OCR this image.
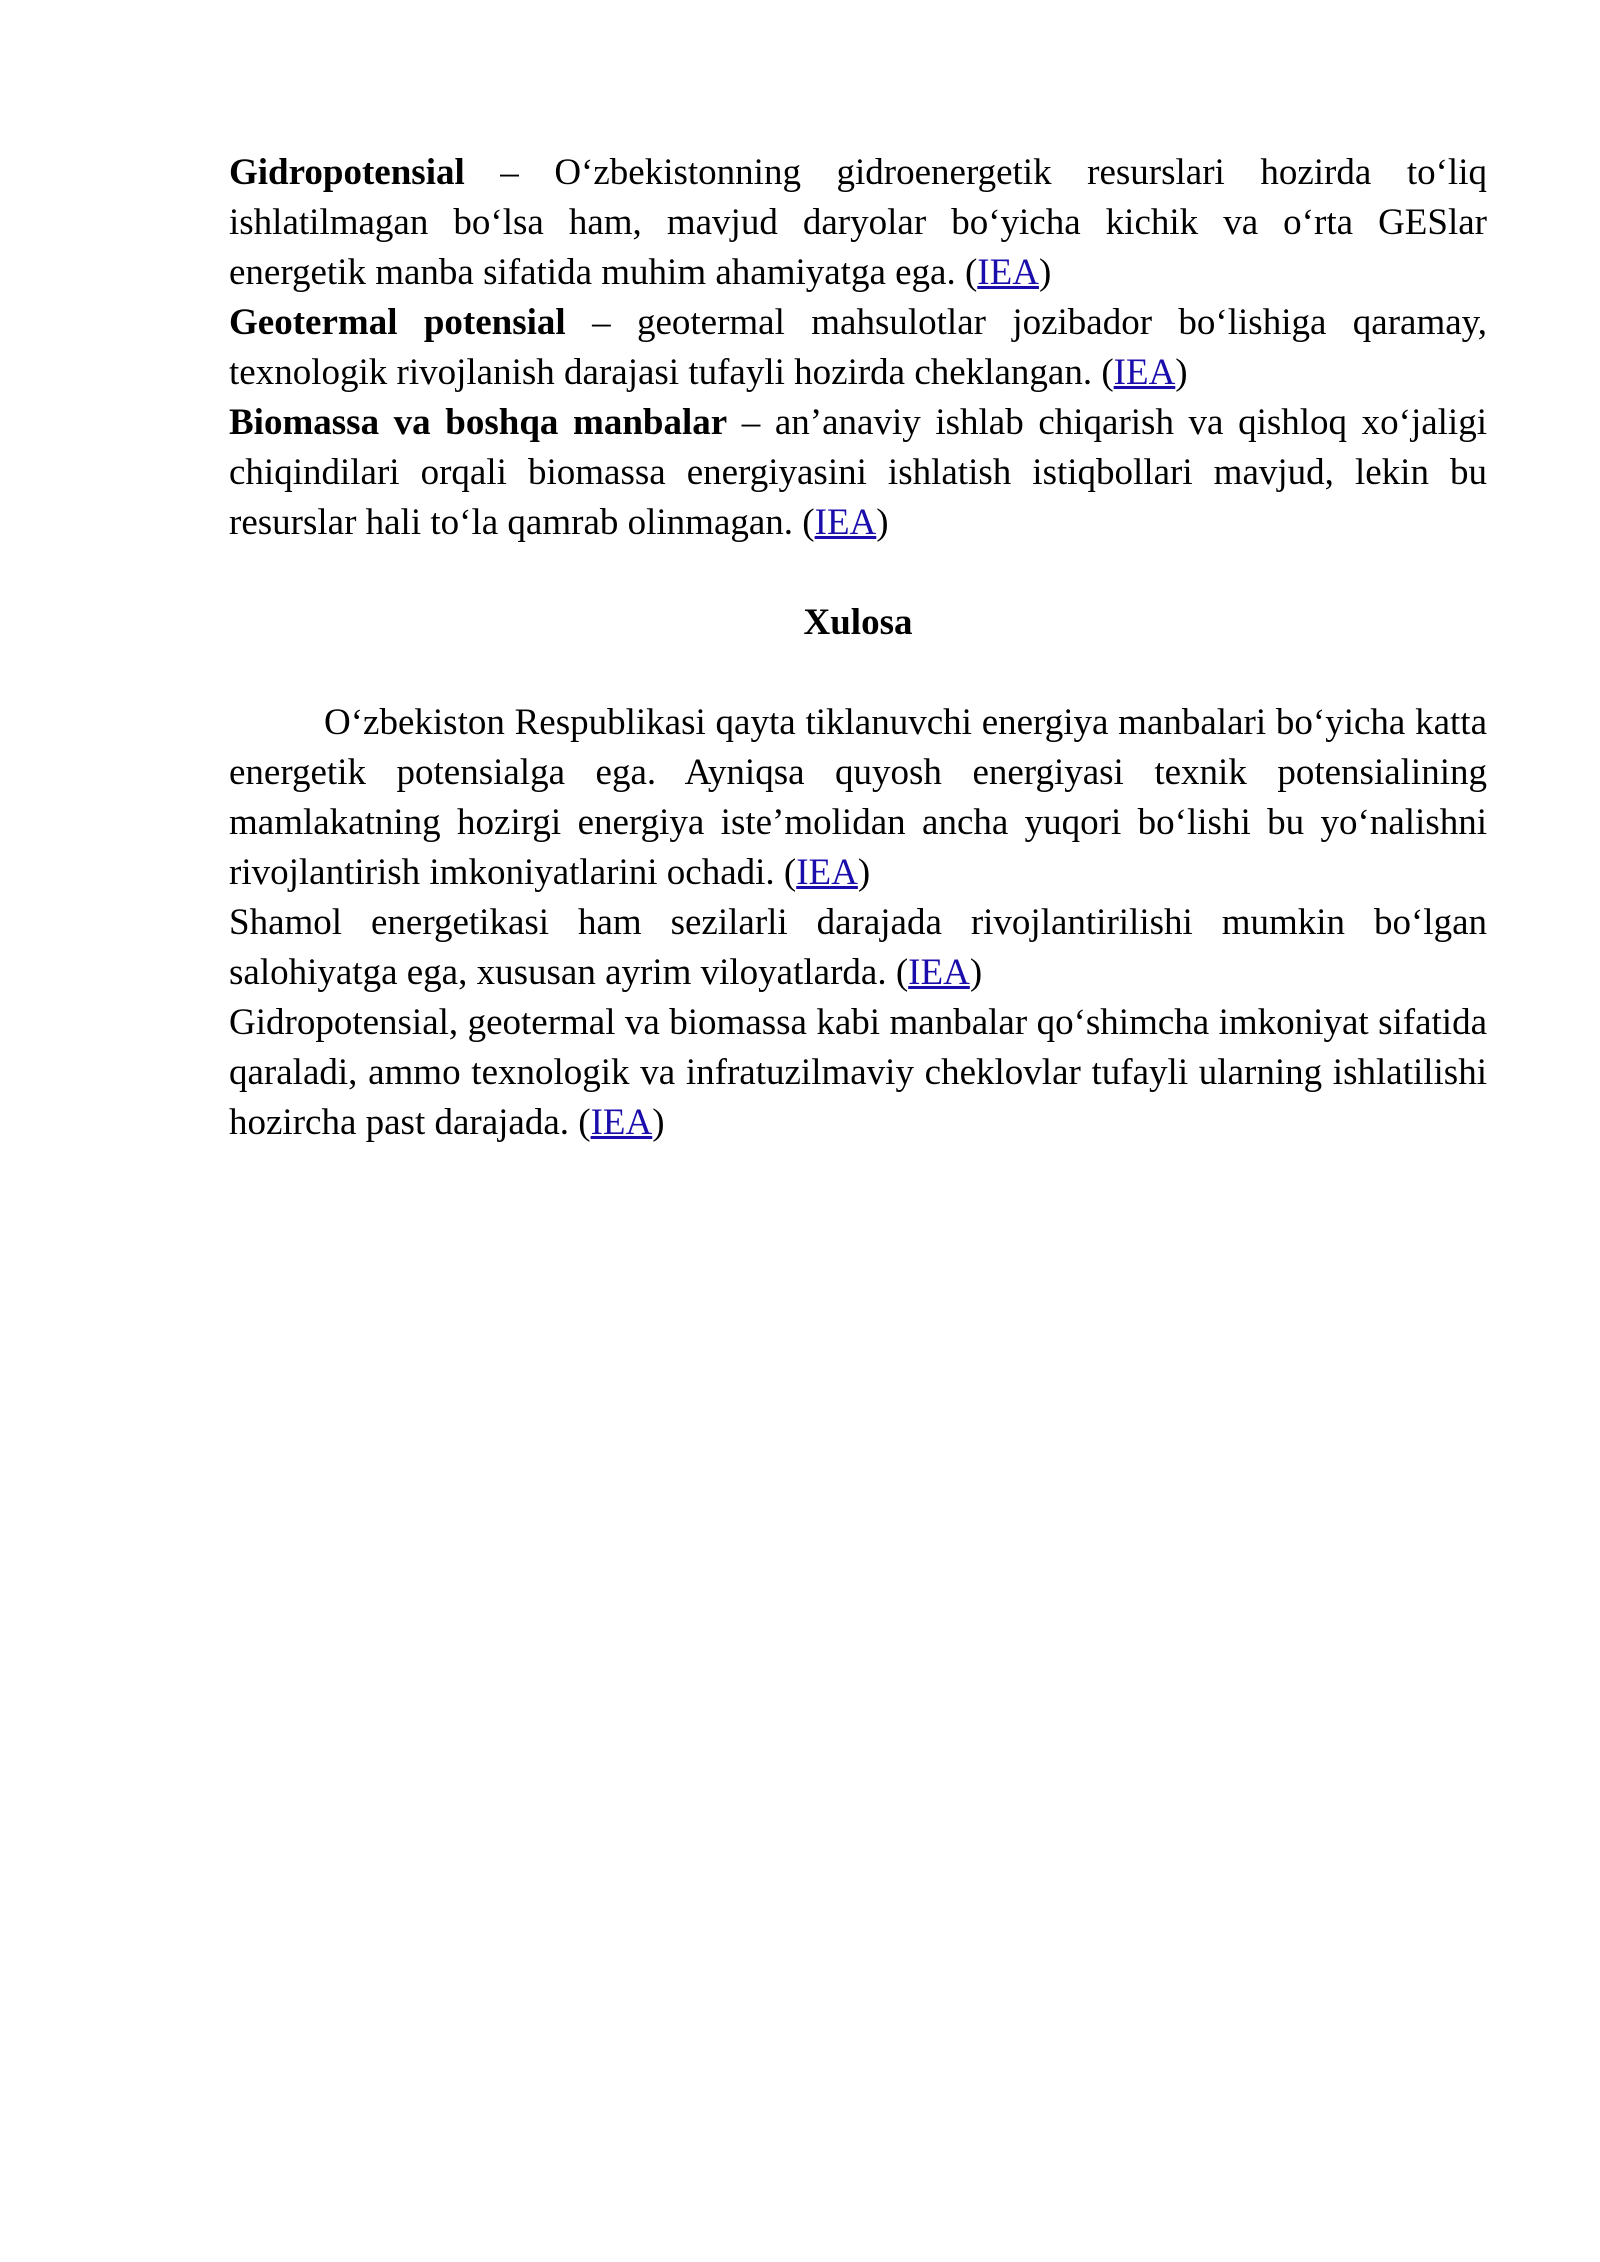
Gidropotensial – O‘zbekistonning gidroenergetik resurslari hozirda to‘liq ishlatilmagan bo‘lsa ham, mavjud daryolar bo‘yicha kichik va o‘rta GESlar energetik manba sifatida muhim ahamiyatga ega. (IEA)

Geotermal potensial – geotermal mahsulotlar jozibador bo‘lishiga qaramay, texnologik rivojlanish darajasi tufayli hozirda cheklangan. (IEA)

Biomassa va boshqa manbalar – an’anaviy ishlab chiqarish va qishloq xo‘jaligi chiqindilari orqali biomassa energiyasini ishlatish istiqbollari mavjud, lekin bu resurslar hali to‘la qamrab olinmagan. (IEA)

Xulosa

O‘zbekiston Respublikasi qayta tiklanuvchi energiya manbalari bo‘yicha katta energetik potensialga ega. Ayniqsa quyosh energiyasi texnik potensialining mamlakatning hozirgi energiya iste’molidan ancha yuqori bo‘lishi bu yo‘nalishni rivojlantirish imkoniyatlarini ochadi. (IEA)

Shamol energetikasi ham sezilarli darajada rivojlantirilishi mumkin bo‘lgan salohiyatga ega, xususan ayrim viloyatlarda. (IEA)

Gidropotensial, geotermal va biomassa kabi manbalar qo‘shimcha imkoniyat sifatida qaraladi, ammo texnologik va infratuzilmaviy cheklovlar tufayli ularning ishlatilishi hozircha past darajada. (IEA)
